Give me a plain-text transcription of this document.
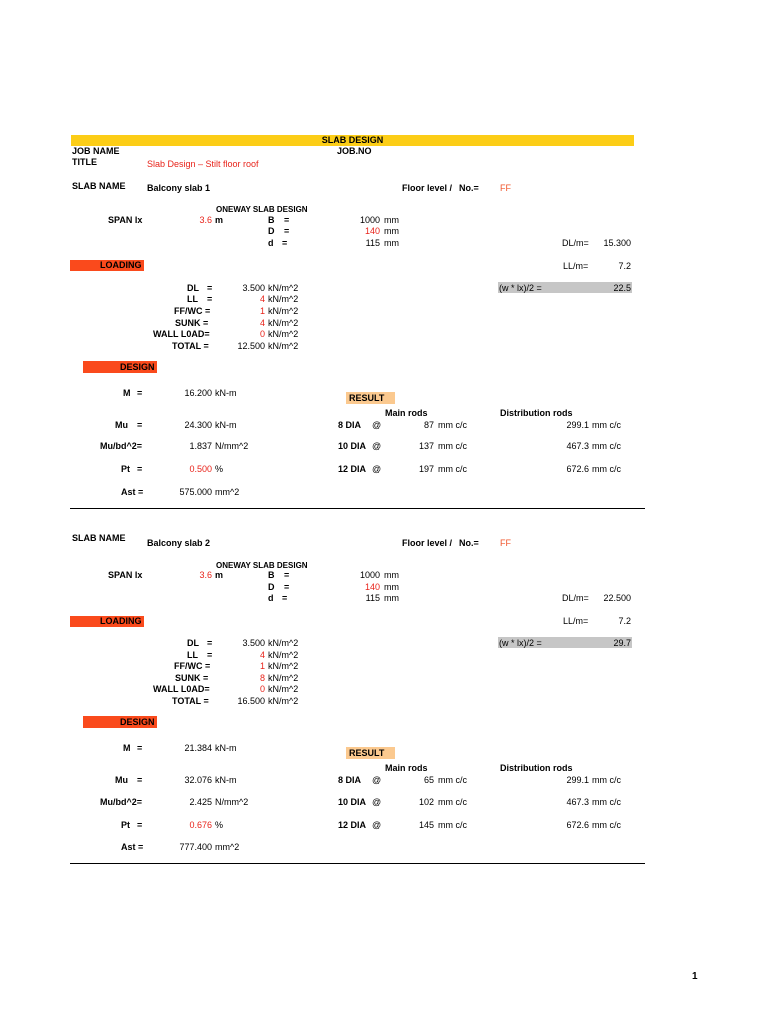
SLAB DESIGN
JOB NAME	JOB.NO
TITLE	Slab Design – Stilt floor roof
SLAB NAME Balcony slab 1	Floor level / No.= FF
ONEWAY SLAB DESIGN
SPAN lx	3.6 m	B =	1000 mm
D =	140 mm
d =	115 mm	DL/m=	15.300
LOADING	LL/m=	7.2
(w * lx)/2 =	22.5
DL =	3.500 kN/m^2
LL =	4 kN/m^2
FF/WC =	1 kN/m^2
SUNK =	4 kN/m^2
WALL L0AD=	0 kN/m^2
TOTAL =	12.500 kN/m^2
DESIGN
M =	16.200 kN-m	RESULT
Main rods	Distribution rods
Mu =	24.300 kN-m	8 DIA @	87 mm c/c	299.1 mm c/c
Mu/bd^2=	1.837 N/mm^2	10 DIA @	137 mm c/c	467.3 mm c/c
Pt =	0.500 %	12 DIA @	197 mm c/c	672.6 mm c/c
Ast =	575.000 mm^2
SLAB NAME Balcony slab 2	Floor level / No.= FF
ONEWAY SLAB DESIGN
SPAN lx	3.6 m	B =	1000 mm
D =	140 mm
d =	115 mm	DL/m=	22.500
LOADING	LL/m=	7.2
(w * lx)/2 =	29.7
DL =	3.500 kN/m^2
LL =	4 kN/m^2
FF/WC =	1 kN/m^2
SUNK =	8 kN/m^2
WALL L0AD=	0 kN/m^2
TOTAL =	16.500 kN/m^2
DESIGN
M =	21.384 kN-m	RESULT
Main rods	Distribution rods
Mu =	32.076 kN-m	8 DIA @	65 mm c/c	299.1 mm c/c
Mu/bd^2=	2.425 N/mm^2	10 DIA @	102 mm c/c	467.3 mm c/c
Pt =	0.676 %	12 DIA @	145 mm c/c	672.6 mm c/c
Ast =	777.400 mm^2
1
